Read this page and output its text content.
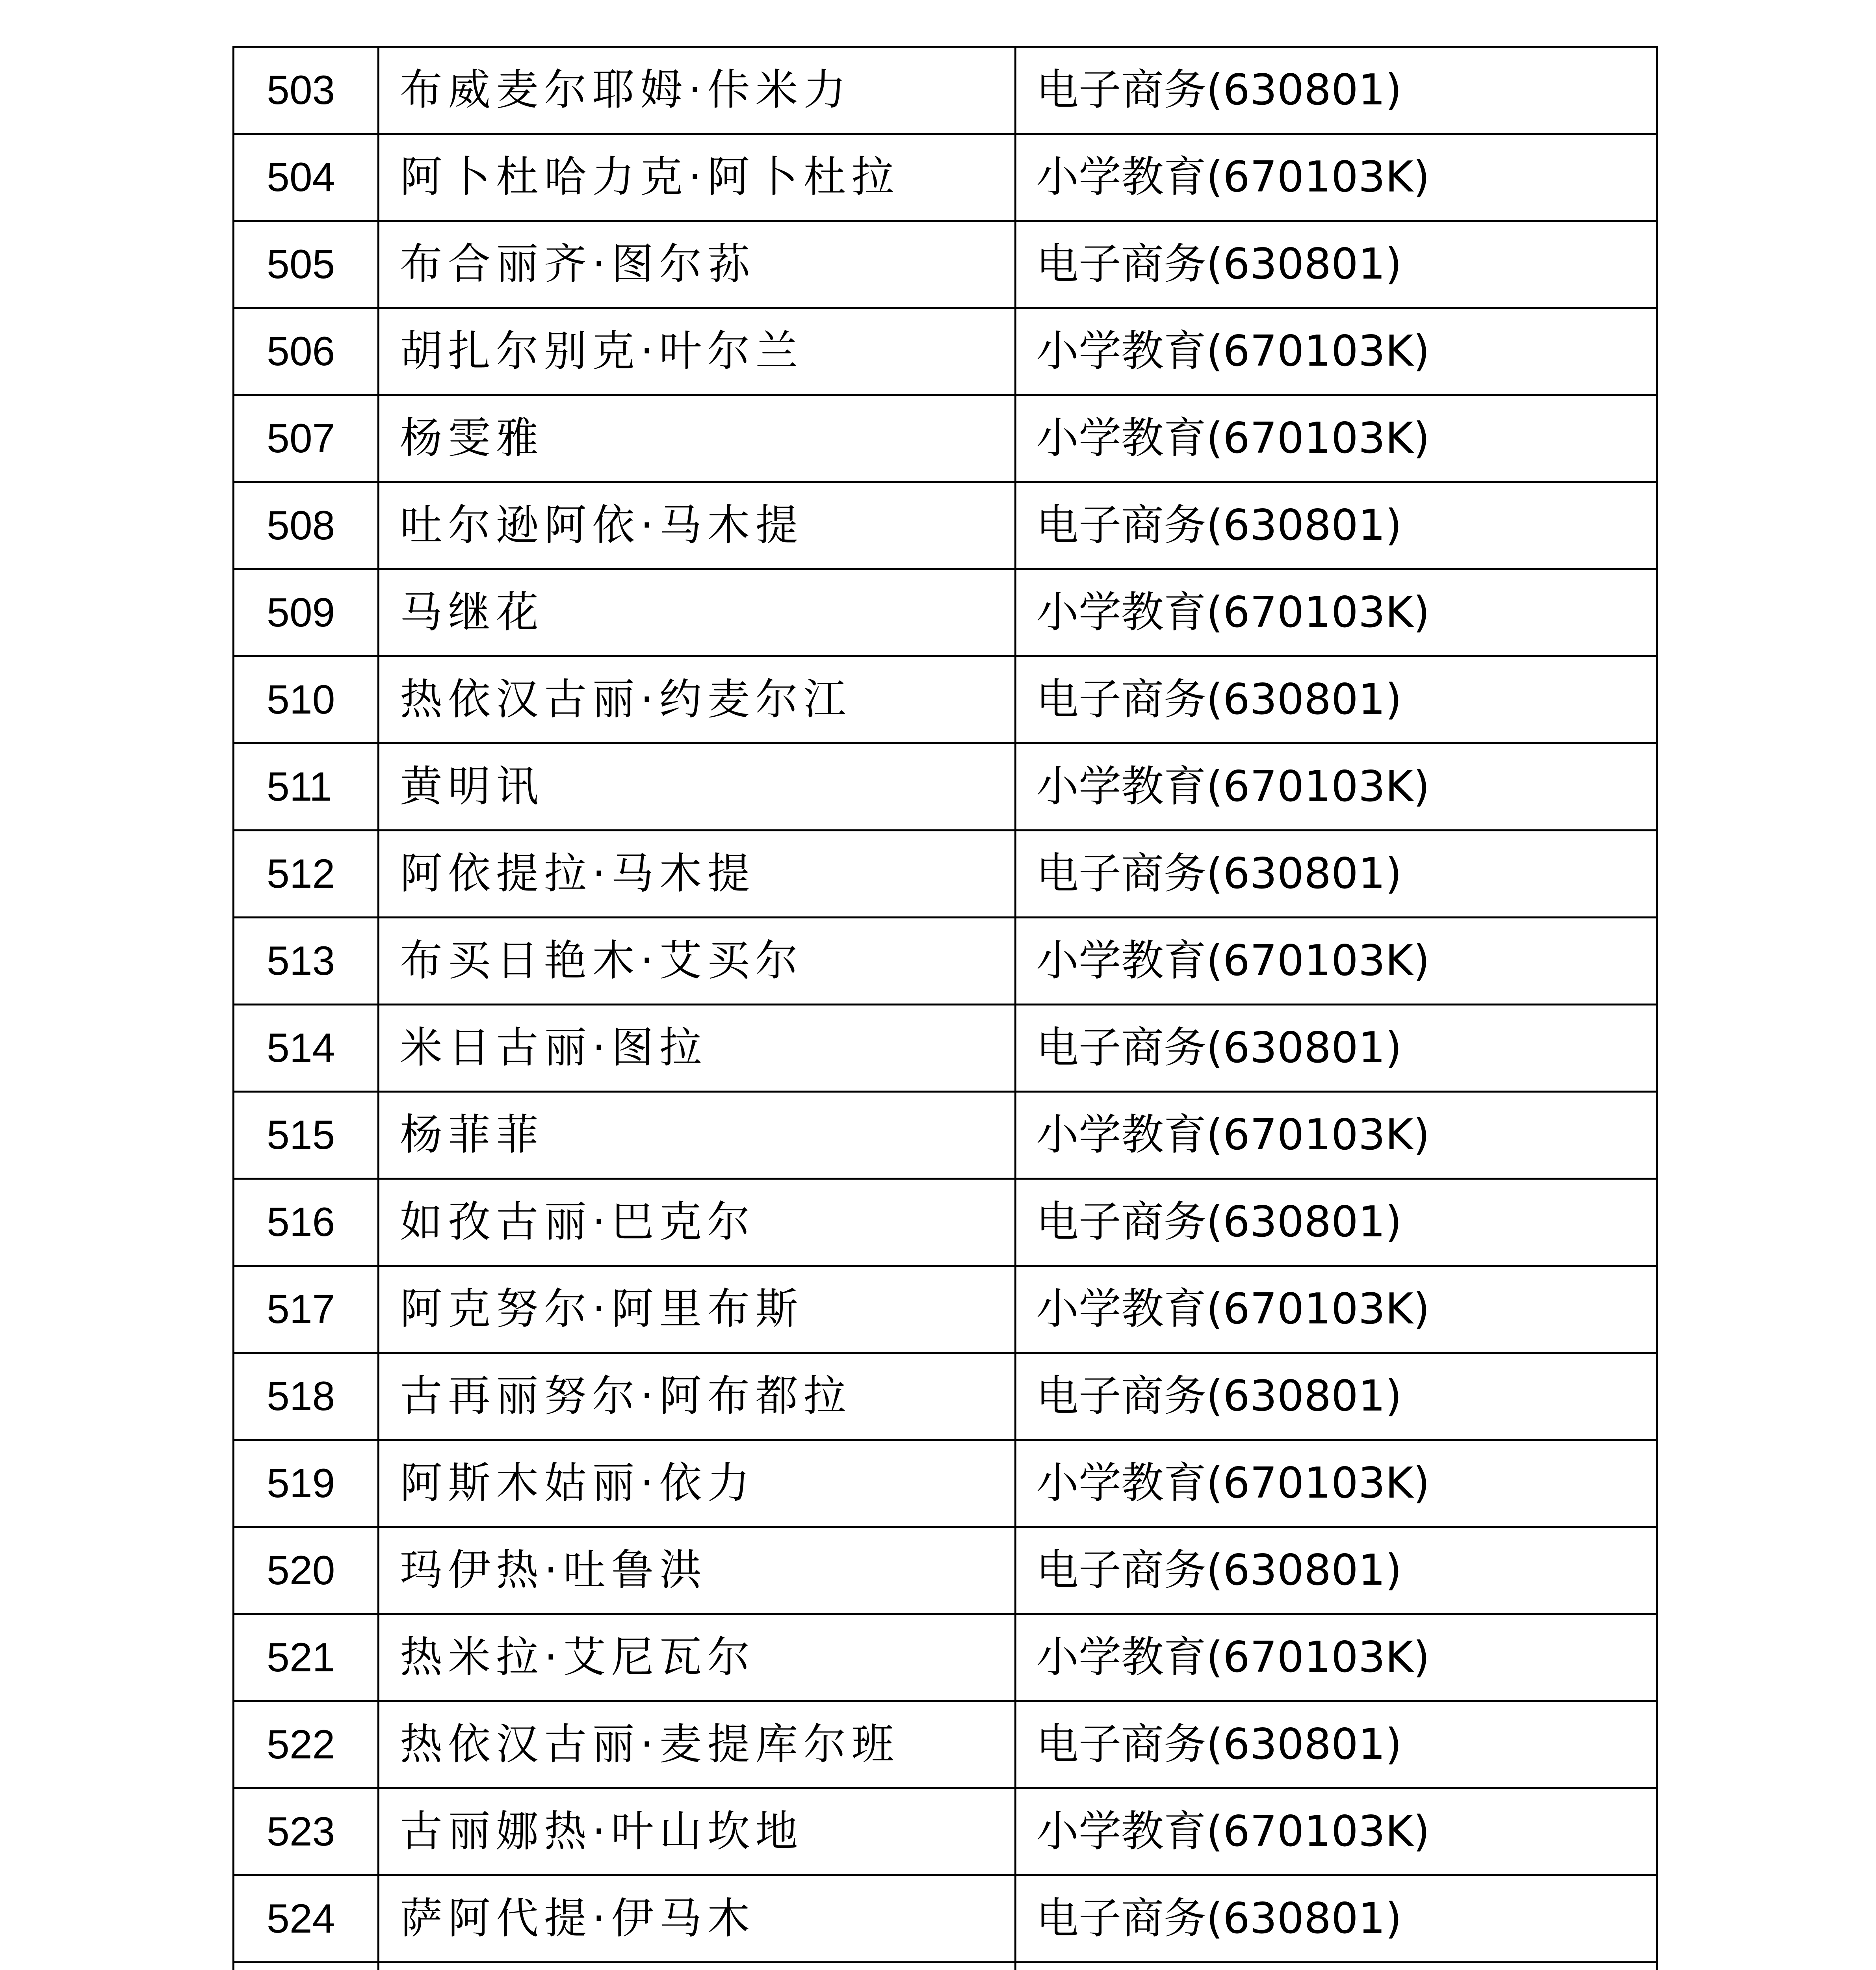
503	布威麦尔耶姆·佧米力	电子商务(630801)
504	阿卜杜哈力克·阿卜杜拉	小学教育(670103K)
505	布合丽齐·图尔荪	电子商务(630801)
506	胡扎尔别克·叶尔兰	小学教育(670103K)
507	杨雯雅	小学教育(670103K)
508	吐尔逊阿依·马木提	电子商务(630801)
509	马继花	小学教育(670103K)
510	热依汉古丽·约麦尔江	电子商务(630801)
511	黄明讯	小学教育(670103K)
512	阿依提拉·马木提	电子商务(630801)
513	布买日艳木·艾买尔	小学教育(670103K)
514	米日古丽·图拉	电子商务(630801)
515	杨菲菲	小学教育(670103K)
516	如孜古丽·巴克尔	电子商务(630801)
517	阿克努尔·阿里布斯	小学教育(670103K)
518	古再丽努尔·阿布都拉	电子商务(630801)
519	阿斯木姑丽·依力	小学教育(670103K)
520	玛伊热·吐鲁洪	电子商务(630801)
521	热米拉·艾尼瓦尔	小学教育(670103K)
522	热依汉古丽·麦提库尔班	电子商务(630801)
523	古丽娜热·叶山坎地	小学教育(670103K)
524	萨阿代提·伊马木	电子商务(630801)
